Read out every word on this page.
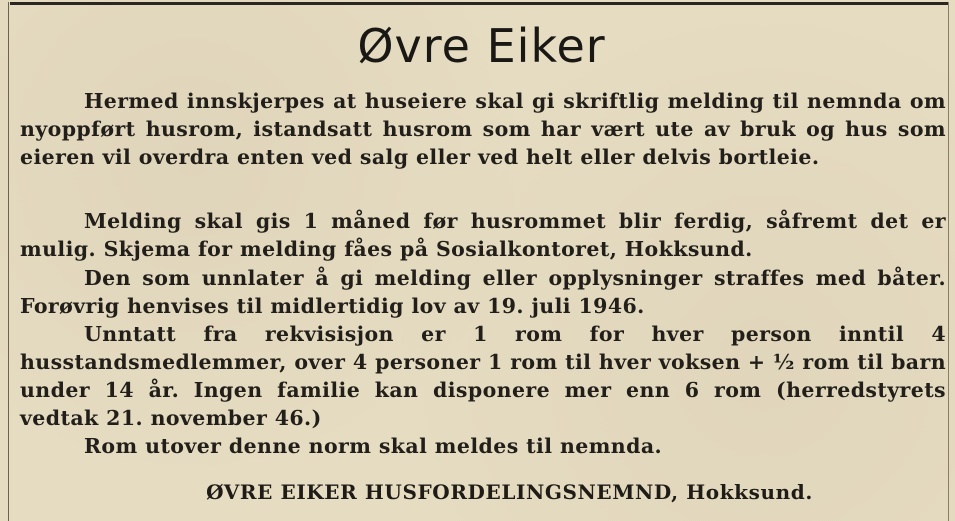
Øvre Eiker

Hermed innskjerpes at huseiere skal gi skriftlig melding til nemnda om nyoppført husrom, istandsatt husrom som har vært ute av bruk og hus som eieren vil overdra enten ved salg eller ved helt eller delvis bortleie.

Melding skal gis 1 måned før husrommet blir ferdig, såfremt det er mulig. Skjema for melding fåes på Sosialkontoret, Hokksund.

Den som unnlater å gi melding eller opplysninger straffes med båter. Forøvrig henvises til midlertidig lov av 19. juli 1946.

Unntatt fra rekvisisjon er 1 rom for hver person inntil 4 husstandsmedlemmer, over 4 personer 1 rom til hver voksen + ½ rom til barn under 14 år. Ingen familie kan disponere mer enn 6 rom (herredstyrets vedtak 21. november 46.)

Rom utover denne norm skal meldes til nemnda.

ØVRE EIKER HUSFORDELINGSNEMND, Hokksund.
